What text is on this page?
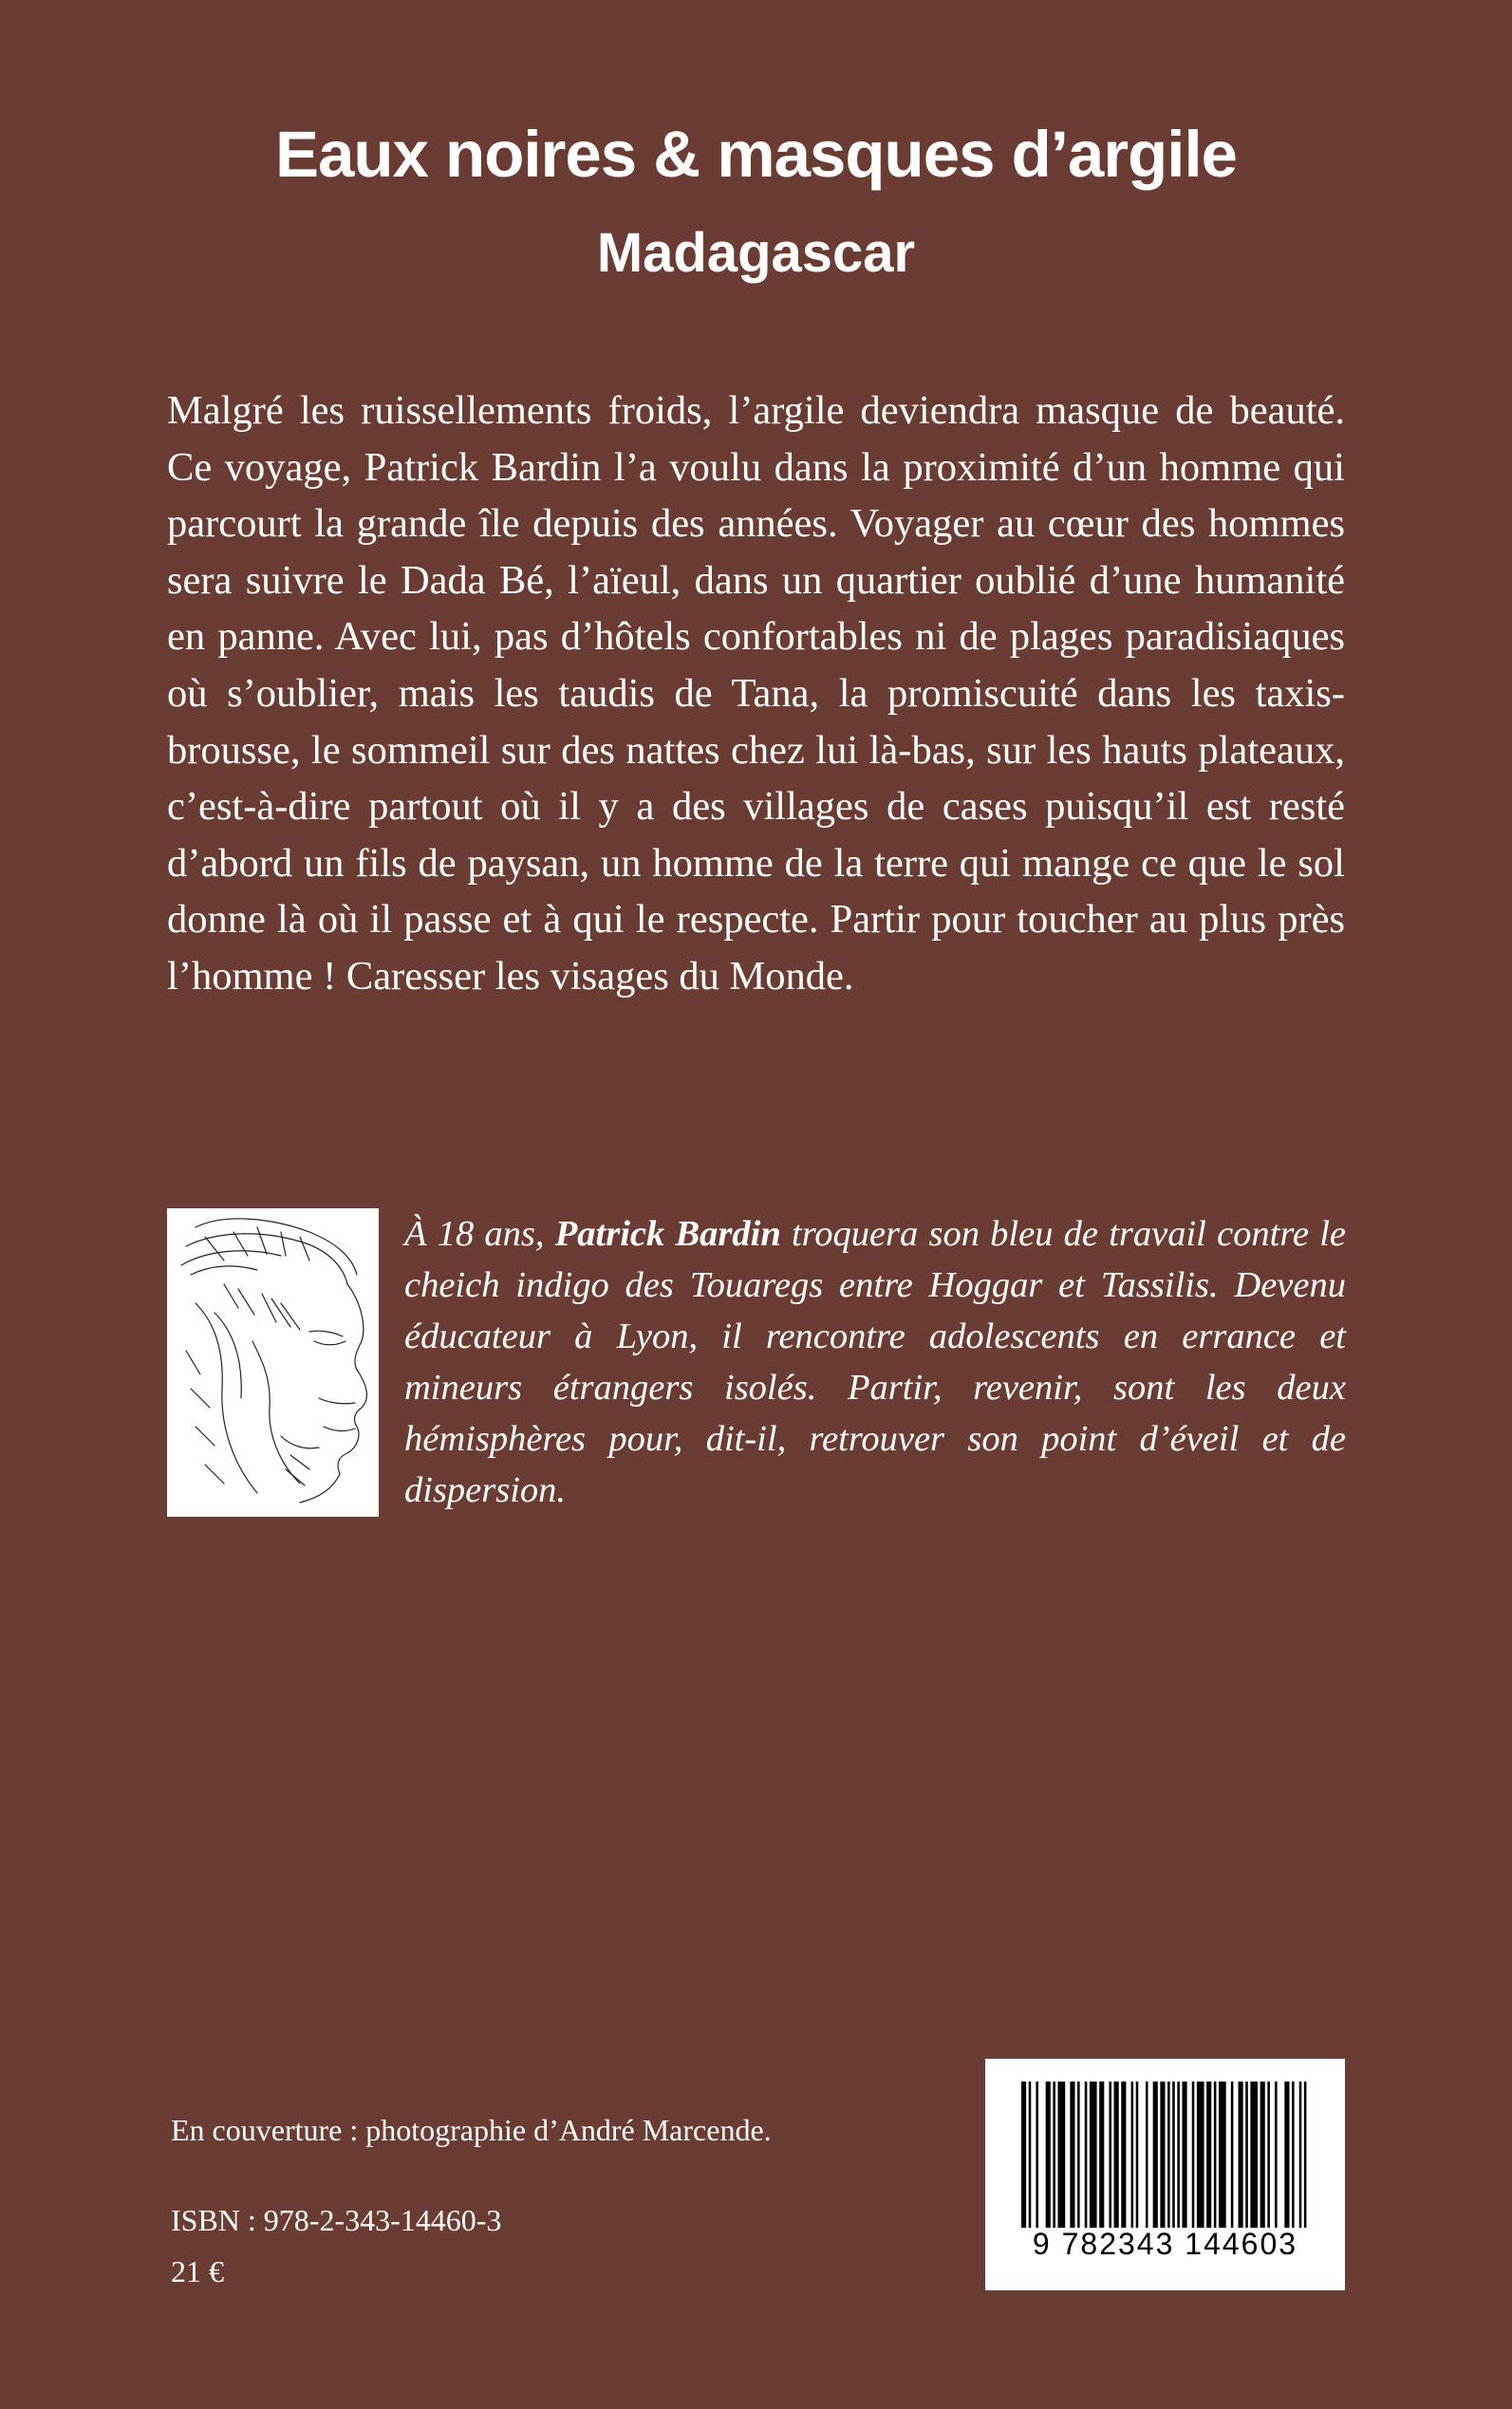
Eaux noires & masques d’argile
Madagascar

Malgré les ruissellements froids, l’argile deviendra masque de beauté. Ce voyage, Patrick Bardin l’a voulu dans la proximité d’un homme qui parcourt la grande île depuis des années. Voyager au cœur des hommes sera suivre le Dada Bé, l’aïeul, dans un quartier oublié d’une humanité en panne. Avec lui, pas d’hôtels confortables ni de plages paradisiaques où s’oublier, mais les taudis de Tana, la promiscuité dans les taxis-brousse, le sommeil sur des nattes chez lui là-bas, sur les hauts plateaux, c’est-à-dire partout où il y a des villages de cases puisqu’il est resté d’abord un fils de paysan, un homme de la terre qui mange ce que le sol donne là où il passe et à qui le respecte. Partir pour toucher au plus près l’homme ! Caresser les visages du Monde.

À 18 ans, Patrick Bardin troquera son bleu de travail contre le cheich indigo des Touaregs entre Hoggar et Tassilis. Devenu éducateur à Lyon, il rencontre adolescents en errance et mineurs étrangers isolés. Partir, revenir, sont les deux hémisphères pour, dit-il, retrouver son point d’éveil et de dispersion.

En couverture : photographie d’André Marcende.
ISBN : 978-2-343-14460-3
21 €
9 782343 144603
